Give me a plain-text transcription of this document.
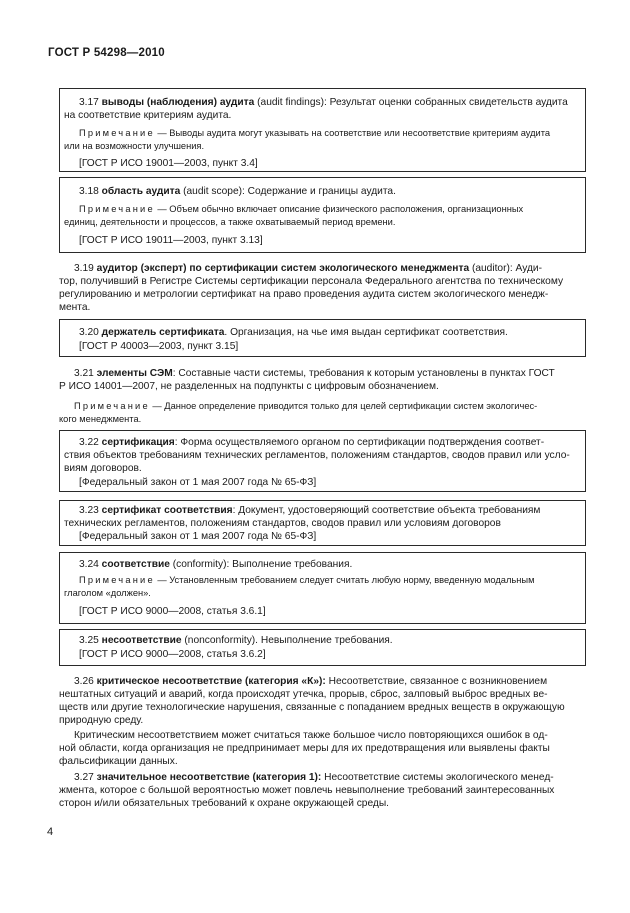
ГОСТ Р 54298—2010
3.17 выводы (наблюдения) аудита (audit findings): Результат оценки собранных свидетельств аудита
на соответствие критериям аудита.
Примечание — Выводы аудита могут указывать на соответствие или несоответствие критериям аудита
или на возможности улучшения.
[ГОСТ Р ИСО 19001—2003, пункт 3.4]
3.18 область аудита (audit scope): Содержание и границы аудита.
Примечание — Объем обычно включает описание физического расположения, организационных
единиц, деятельности и процессов, а также охватываемый период времени.
[ГОСТ Р ИСО 19011—2003, пункт 3.13]
3.19 аудитор (эксперт) по сертификации систем экологического менеджмента (auditor): Ауди-
тор, получивший в Регистре Системы сертификации персонала Федерального агентства по техническому
регулированию и метрологии сертификат на право проведения аудита систем экологического менедж-
мента.
3.20 держатель сертификата. Организация, на чье имя выдан сертификат соответствия.
[ГОСТ Р 40003—2003, пункт 3.15]
3.21 элементы СЭМ: Составные части системы, требования к которым установлены в пунктах ГОСТ
Р ИСО 14001—2007, не разделенных на подпункты с цифровым обозначением.
Примечание — Данное определение приводится только для целей сертификации систем экологичес-
кого менеджмента.
3.22 сертификация: Форма осуществляемого органом по сертификации подтверждения соответ-
ствия объектов требованиям технических регламентов, положениям стандартов, сводов правил или усло-
виям договоров.
[Федеральный закон от 1 мая 2007 года № 65-ФЗ]
3.23 сертификат соответствия: Документ, удостоверяющий соответствие объекта требованиям
технических регламентов, положениям стандартов, сводов правил или условиям договоров
[Федеральный закон от 1 мая 2007 года № 65-ФЗ]
3.24 соответствие (conformity): Выполнение требования.
Примечание — Установленным требованием следует считать любую норму, введенную модальным
глаголом «должен».
[ГОСТ Р ИСО 9000—2008, статья 3.6.1]
3.25 несоответствие (nonconformity). Невыполнение требования.
[ГОСТ Р ИСО 9000—2008, статья 3.6.2]
3.26 критическое несоответствие (категория «К»): Несоответствие, связанное с возникновением
нештатных ситуаций и аварий, когда происходят утечка, прорыв, сброс, залповый выброс вредных ве-
ществ или другие технологические нарушения, связанные с попаданием вредных веществ в окружающую
природную среду.
Критическим несоответствием может считаться также большое число повторяющихся ошибок в од-
ной области, когда организация не предпринимает меры для их предотвращения или выявлены факты
фальсификации данных.
3.27 значительное несоответствие (категория 1): Несоответствие системы экологического менед-
жмента, которое с большой вероятностью может повлечь невыполнение требований заинтересованных
сторон и/или обязательных требований к охране окружающей среды.
4
